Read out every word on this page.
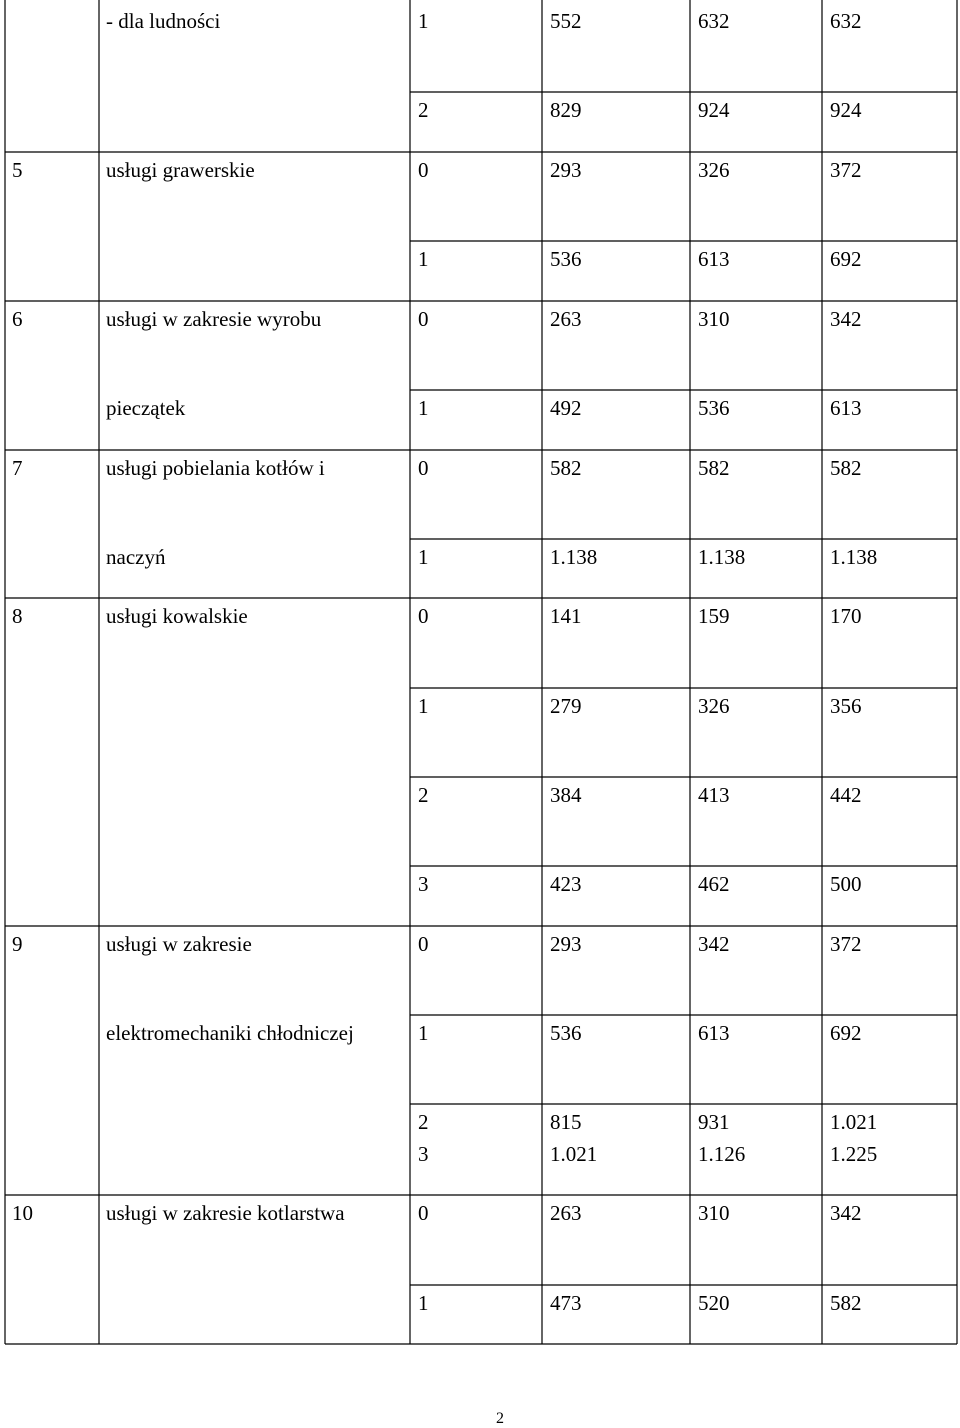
- dla ludności	1	552	632	632
2	829	924	924
5	usługi grawerskie	0	293	326	372
1	536	613	692
6	usługi w zakresie wyrobu
pieczątek
0	263	310	342
1	492	536	613
7	usługi pobielania kotłów i
naczyń
0	582	582	582
1	1.138	1.138	1.138
8	usługi kowalskie	0	141	159	170
1	279	326	356
2	384	413	442
3	423	462	500
9	usługi w zakresie
elektromechaniki chłodniczej
0	293	342	372
1	536	613	692
2	815	931	1.021
3	1.021	1.126	1.225
10	usługi w zakresie kotlarstwa	0	263	310	342
1	473	520	582
2
